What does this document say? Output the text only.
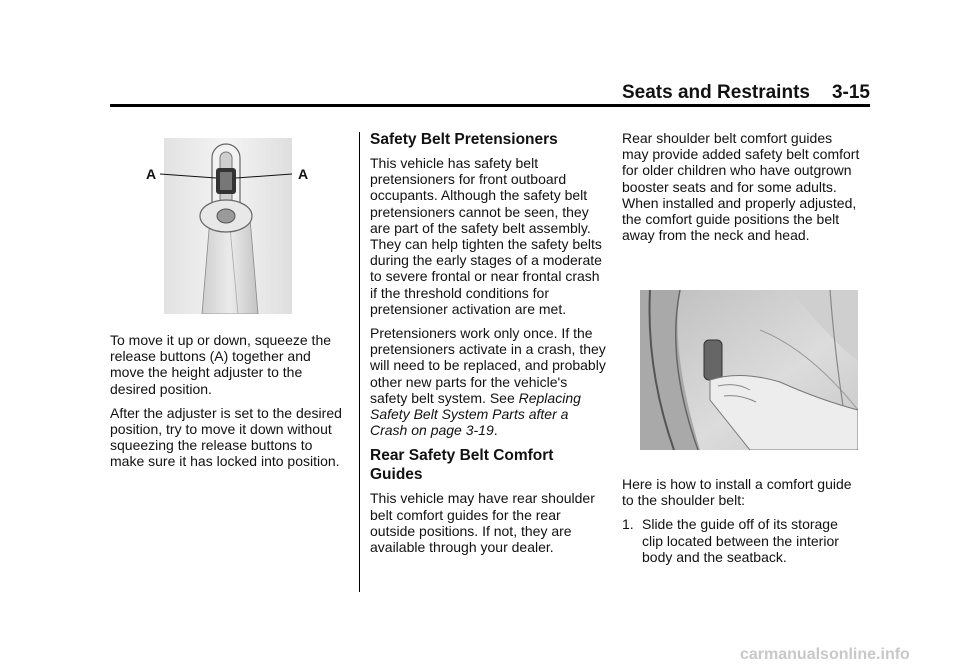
Seats and Restraints 3-15
A	A

To move it up or down, squeeze the release buttons (A) together and move the height adjuster to the desired position.

After the adjuster is set to the desired position, try to move it down without squeezing the release buttons to make sure it has locked into position.

Safety Belt Pretensioners

This vehicle has safety belt pretensioners for front outboard occupants. Although the safety belt pretensioners cannot be seen, they are part of the safety belt assembly. They can help tighten the safety belts during the early stages of a moderate to severe frontal or near frontal crash if the threshold conditions for pretensioner activation are met.

Pretensioners work only once. If the pretensioners activate in a crash, they will need to be replaced, and probably other new parts for the vehicle's safety belt system. See Replacing Safety Belt System Parts after a Crash on page 3-19.

Rear Safety Belt Comfort Guides

This vehicle may have rear shoulder belt comfort guides for the rear outside positions. If not, they are available through your dealer.

Rear shoulder belt comfort guides may provide added safety belt comfort for older children who have outgrown booster seats and for some adults. When installed and properly adjusted, the comfort guide positions the belt away from the neck and head.

Here is how to install a comfort guide to the shoulder belt:

1. Slide the guide off of its storage clip located between the interior body and the seatback.
carmanualsonline.info
